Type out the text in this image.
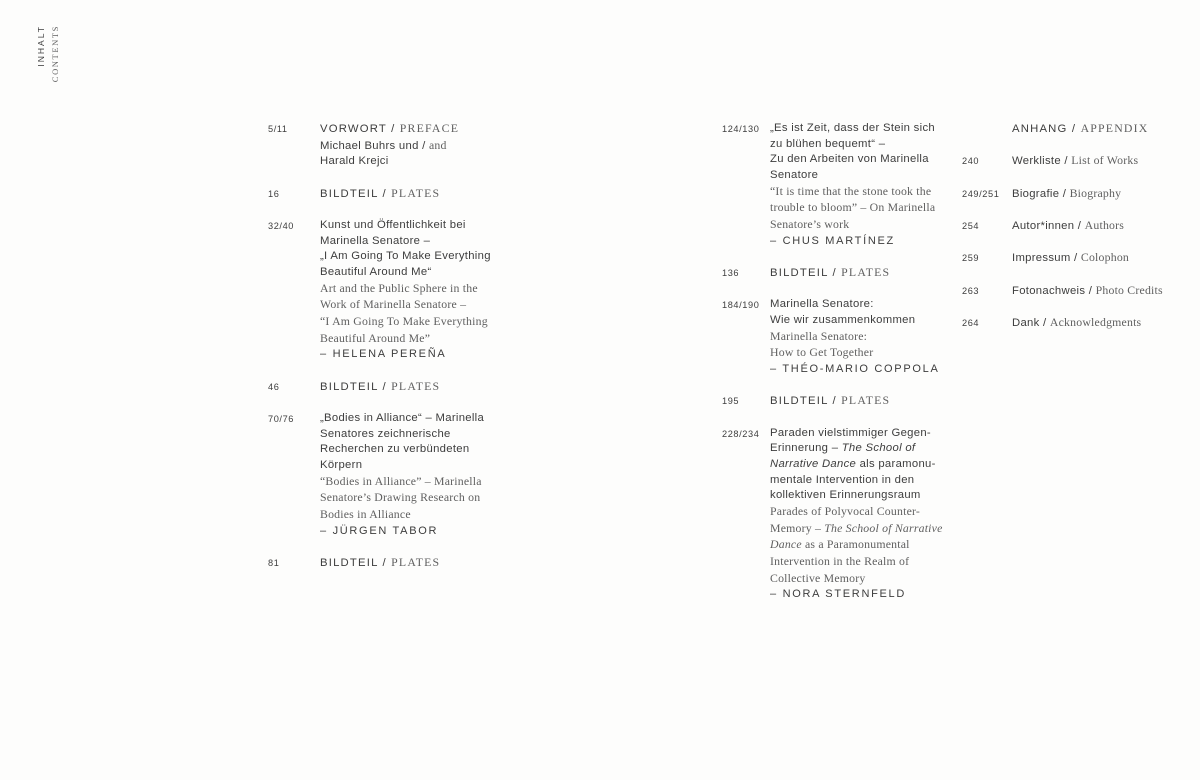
INHALT CONTENTS
5/11	VORWORT / PREFACE
Michael Buhrs und / and
Harald Krejci
16	BILDTEIL / PLATES
32/40	Kunst und Öffentlichkeit bei
Marinella Senatore –
„I Am Going To Make Everything
Beautiful Around Me“
Art and the Public Sphere in the
Work of Marinella Senatore –
“I Am Going To Make Everything
Beautiful Around Me”
– HELENA PEREÑA
46	BILDTEIL / PLATES
70/76	„Bodies in Alliance“ – Marinella
Senatores zeichnerische
Recherchen zu verbündeten
Körpern
“Bodies in Alliance” – Marinella
Senatore’s Drawing Research on
Bodies in Alliance
– JÜRGEN TABOR
81	BILDTEIL / PLATES
124/130 „Es ist Zeit, dass der Stein sich
zu blühen bequemt“ –
Zu den Arbeiten von Marinella
Senatore
“It is time that the stone took the
trouble to bloom” – On Marinella
Senatore’s work
– CHUS MARTÍNEZ
136	BILDTEIL / PLATES
184/190 Marinella Senatore:
Wie wir zusammenkommen
Marinella Senatore:
How to Get Together
– THÉO-MARIO COPPOLA
195	BILDTEIL / PLATES
228/234 Paraden vielstimmiger Gegen-
Erinnerung – The School of
Narrative Dance als paramonu-
mentale Intervention in den
kollektiven Erinnerungsraum
Parades of Polyvocal Counter-
Memory – The School of Narrative
Dance as a Paramonumental
Intervention in the Realm of
Collective Memory
– NORA STERNFELD
ANHANG / APPENDIX
240	Werkliste / List of Works
249/251	Biografie / Biography
254	Autor*innen / Authors
259	Impressum / Colophon
263	Fotonachweis / Photo Credits
264	Dank / Acknowledgments
